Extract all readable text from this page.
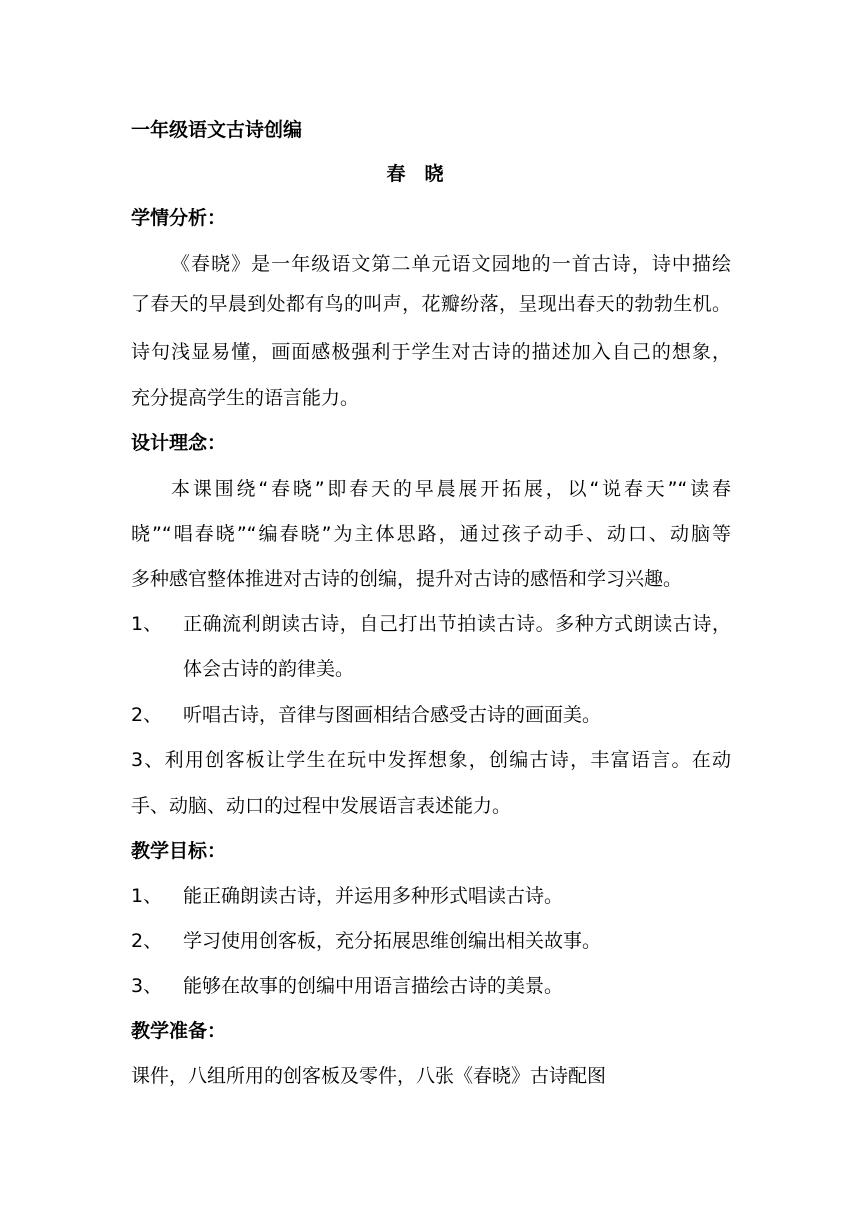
一年级语文古诗创编
春　晓
学情分析：
《春晓》是一年级语文第二单元语文园地的一首古诗，诗中描绘
了春天的早晨到处都有鸟的叫声，花瓣纷落，呈现出春天的勃勃生机。
诗句浅显易懂，画面感极强利于学生对古诗的描述加入自己的想象，
充分提高学生的语言能力。
设计理念：
本课围绕“春晓”即春天的早晨展开拓展，以“说春天”“读春
晓”“唱春晓”“编春晓”为主体思路，通过孩子动手、动口、动脑等
多种感官整体推进对古诗的创编，提升对古诗的感悟和学习兴趣。
1、 正确流利朗读古诗，自己打出节拍读古诗。多种方式朗读古诗，
体会古诗的韵律美。
2、 听唱古诗，音律与图画相结合感受古诗的画面美。
3、利用创客板让学生在玩中发挥想象，创编古诗，丰富语言。在动
手、动脑、动口的过程中发展语言表述能力。
教学目标：
1、 能正确朗读古诗，并运用多种形式唱读古诗。
2、 学习使用创客板，充分拓展思维创编出相关故事。
3、 能够在故事的创编中用语言描绘古诗的美景。
教学准备：
课件，八组所用的创客板及零件，八张《春晓》古诗配图
